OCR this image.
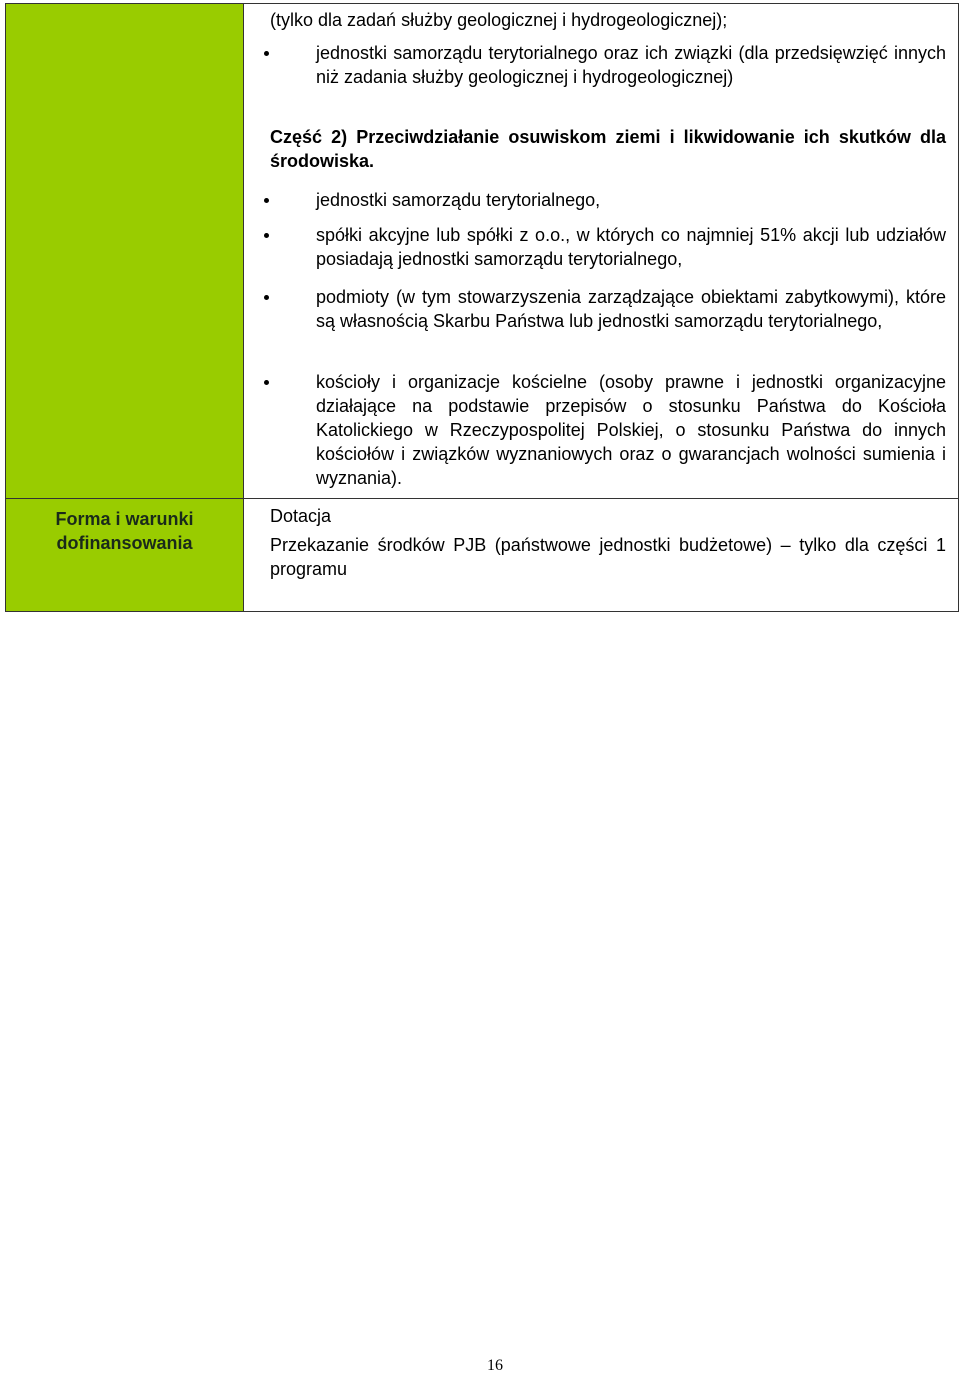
(tylko dla zadań służby geologicznej i hydrogeologicznej);
jednostki samorządu terytorialnego oraz ich związki (dla przedsięwzięć innych niż zadania służby geologicznej i hydrogeologicznej)
Część 2) Przeciwdziałanie osuwiskom ziemi i likwidowanie ich skutków dla środowiska.
jednostki samorządu terytorialnego,
spółki akcyjne lub spółki z o.o., w których co najmniej 51% akcji lub udziałów posiadają jednostki samorządu terytorialnego,
podmioty (w tym stowarzyszenia zarządzające obiektami zabytkowymi), które są własnością Skarbu Państwa lub jednostki samorządu terytorialnego,
kościoły i organizacje kościelne (osoby prawne i jednostki organizacyjne działające na podstawie przepisów o stosunku Państwa do Kościoła Katolickiego w Rzeczypospolitej Polskiej, o stosunku Państwa do innych kościołów i związków wyznaniowych oraz o gwarancjach wolności sumienia i wyznania).
Forma i warunki dofinansowania
Dotacja
Przekazanie środków PJB (państwowe jednostki budżetowe) – tylko dla części 1 programu
16
